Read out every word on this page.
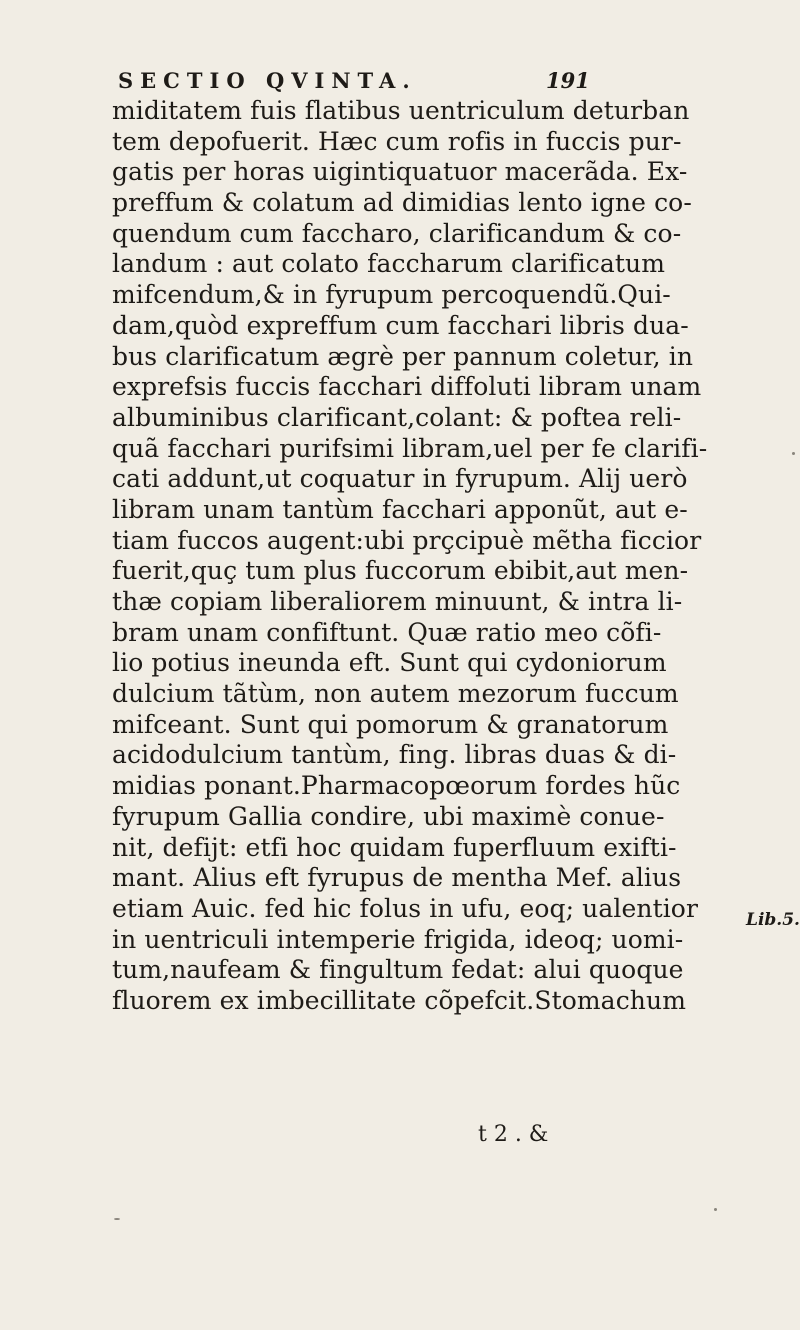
SECTIO QVINTA.	191
miditatem fuis flatibus uentriculum deturban
tem depofuerit. Hæc cum rofis in fuccis pur-
gatis per horas uigintiquatuor macerãda. Ex-
preffum & colatum ad dimidias lento igne co-
quendum cum faccharo, clarificandum & co-
landum : aut colato faccharum clarificatum
mifcendum,& in fyrupum percoquendũ.Qui-
dam,quòd expreffum cum facchari libris dua-
bus clarificatum ægrè per pannum coletur, in
exprefsis fuccis facchari diffoluti libram unam
albuminibus clarificant,colant: & poftea reli-
quã facchari purifsimi libram,uel per fe clarifi-
cati addunt,ut coquatur in fyrupum. Alij uerò
libram unam tantùm facchari apponũt, aut e-
tiam fuccos augent:ubi prçcipuè mẽtha ficcior
fuerit,quç tum plus fuccorum ebibit,aut men-
thæ copiam liberaliorem minuunt, & intra li-
bram unam confiftunt. Quæ ratio meo cõfi-
lio potius ineunda eft. Sunt qui cydoniorum
dulcium tãtùm, non autem mezorum fuccum
mifceant. Sunt qui pomorum & granatorum
acidodulcium tantùm, fing. libras duas & di-
midias ponant.Pharmacopœorum fordes hũc
fyrupum Gallia condire, ubi maximè conue-
nit, defijt: etfi hoc quidam fuperfluum exifti-
mant. Alius eft fyrupus de mentha Mef. alius
etiam Auic. fed hic folus in ufu, eoq; ualentior
in uentriculi intemperie frigida, ideoq; uomi-
tum,naufeam & fingultum fedat: alui quoque
fluorem ex imbecillitate cõpefcit.Stomachum
t 2 . &
Lib.5.
